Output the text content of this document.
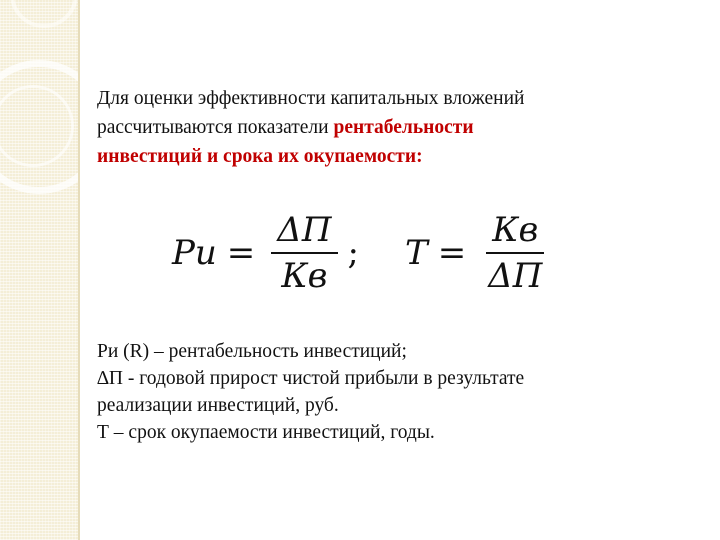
Для оценки эффективности капитальных вложений
рассчитываются показатели рентабельности
инвестиций и срока их окупаемости:

Ри = $\frac{\Delta П}{Кв}$ ; $Т = \frac{Кв}{\Delta П}$
Ри (R) – рентабельность инвестиций;
∆П - годовой прирост чистой прибыли в результате
реализации инвестиций, руб.
Т – срок окупаемости инвестиций, годы.
